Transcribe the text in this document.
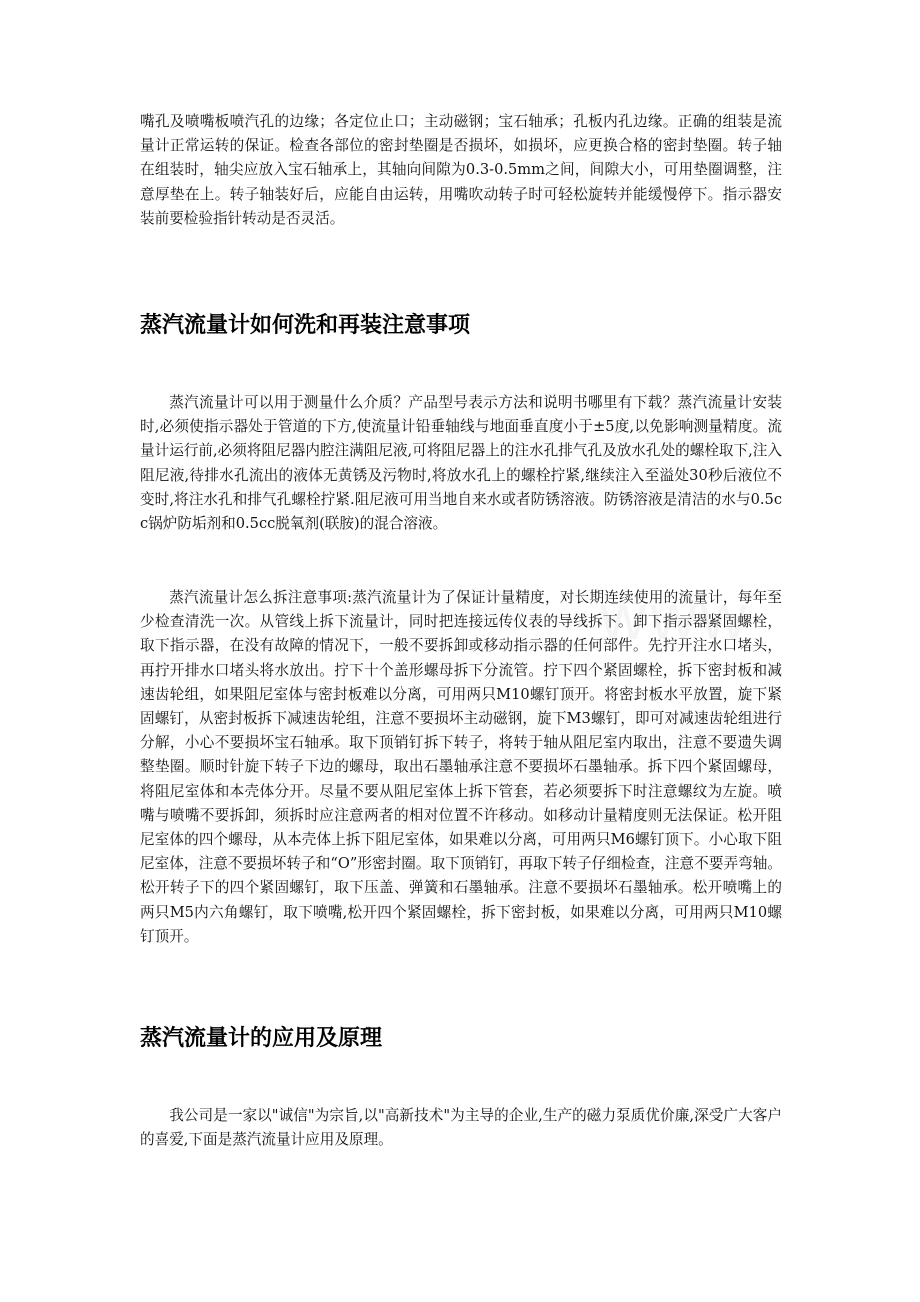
嘴孔及喷嘴板喷汽孔的边缘；各定位止口；主动磁钢；宝石轴承；孔板内孔边缘。正确的组装是流量计正常运转的保证。检查各部位的密封垫圈是否损坏，如损坏，应更换合格的密封垫圈。转子轴在组装时，轴尖应放入宝石轴承上，其轴向间隙为0.3-0.5mm之间，间隙大小，可用垫圈调整，注意厚垫在上。转子轴装好后，应能自由运转，用嘴吹动转子时可轻松旋转并能缓慢停下。指示器安装前要检验指针转动是否灵活。

蒸汽流量计如何洗和再装注意事项

蒸汽流量计可以用于测量什么介质？产品型号表示方法和说明书哪里有下载？蒸汽流量计安装时,必须使指示器处于管道的下方,使流量计铅垂轴线与地面垂直度小于±5度,以免影响测量精度。流量计运行前,必须将阻尼器内腔注满阻尼液,可将阻尼器上的注水孔排气孔及放水孔处的螺栓取下,注入阻尼液,待排水孔流出的液体无黄锈及污物时,将放水孔上的螺栓拧紧,继续注入至溢处30秒后液位不变时,将注水孔和排气孔螺栓拧紧.阻尼液可用当地自来水或者防锈溶液。防锈溶液是清洁的水与0.5cc锅炉防垢剂和0.5cc脱氧剂(联胺)的混合溶液。

蒸汽流量计怎么拆注意事项:蒸汽流量计为了保证计量精度，对长期连续使用的流量计，每年至少检查清洗一次。从管线上拆下流量计，同时把连接远传仪表的导线拆下。卸下指示器紧固螺栓，取下指示器，在没有故障的情况下，一般不要拆卸或移动指示器的任何部件。先拧开注水口堵头，再拧开排水口堵头将水放出。拧下十个盖形螺母拆下分流管。拧下四个紧固螺栓，拆下密封板和减速齿轮组，如果阻尼室体与密封板难以分离，可用两只M10螺钉顶开。将密封板水平放置，旋下紧固螺钉，从密封板拆下减速齿轮组，注意不要损坏主动磁钢，旋下M3螺钉，即可对减速齿轮组进行分解，小心不要损坏宝石轴承。取下顶销钉拆下转子，将转于轴从阻尼室内取出，注意不要遗失调整垫圈。顺时针旋下转子下边的螺母，取出石墨轴承注意不要损坏石墨轴承。拆下四个紧固螺母，将阻尼室体和本壳体分开。尽量不要从阻尼室体上拆下管套，若必须要拆下时注意螺纹为左旋。喷嘴与喷嘴不要拆卸，须拆时应注意两者的相对位置不许移动。如移动计量精度则无法保证。松开阻尼室体的四个螺母，从本壳体上拆下阻尼室体，如果难以分离，可用两只M6螺钉顶下。小心取下阻尼室体，注意不要损坏转子和“O”形密封圈。取下顶销钉，再取下转子仔细检查，注意不要弄弯轴。松开转子下的四个紧固螺钉，取下压盖、弹簧和石墨轴承。注意不要损坏石墨轴承。松开喷嘴上的两只M5内六角螺钉，取下喷嘴,松开四个紧固螺栓，拆下密封板，如果难以分离，可用两只M10螺钉顶开。

蒸汽流量计的应用及原理

我公司是一家以"诚信"为宗旨,以"高新技术"为主导的企业,生产的磁力泵质优价廉,深受广大客户的喜爱,下面是蒸汽流量计应用及原理。
